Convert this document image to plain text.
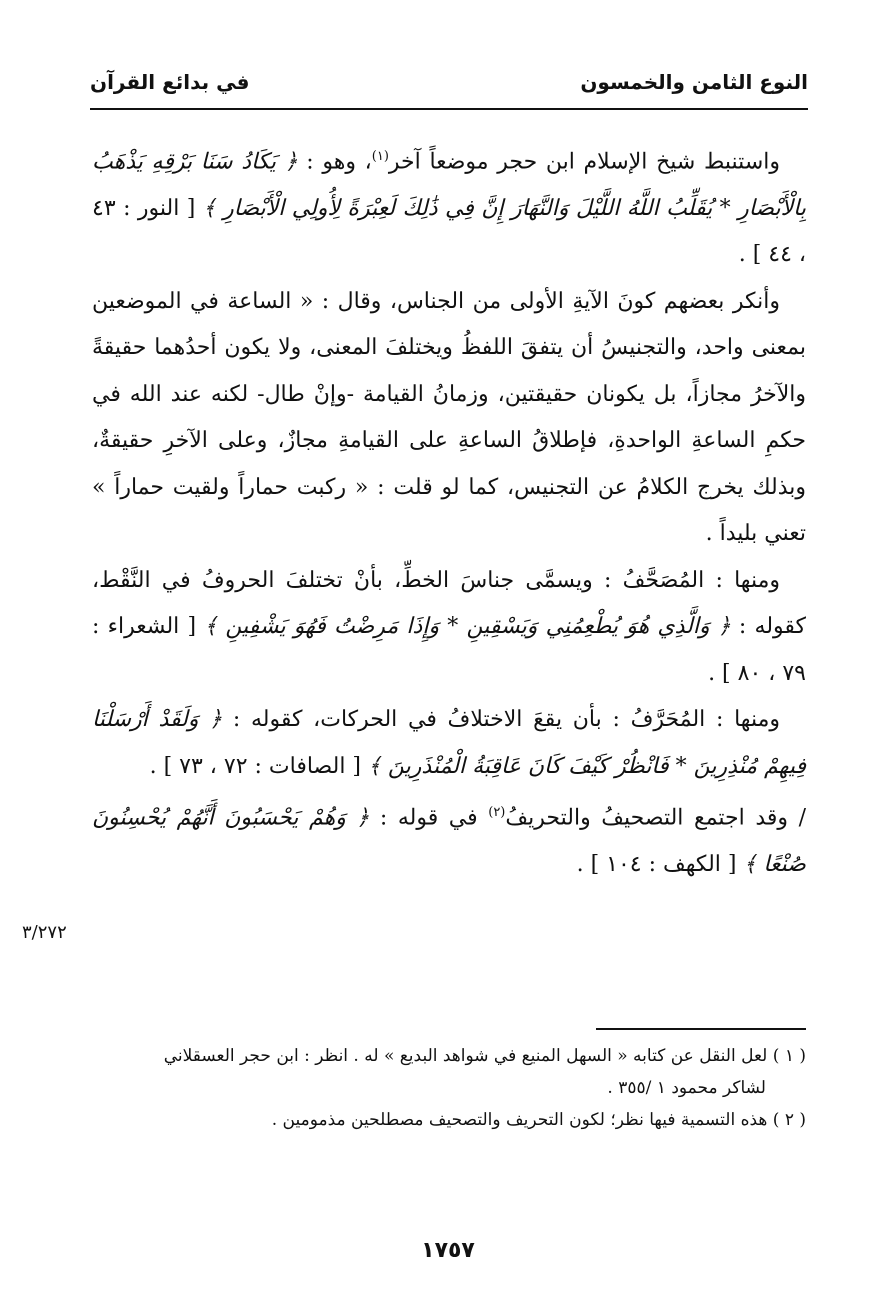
النوع الثامن والخمسون
في بدائع القرآن

واستنبط شيخ الإسلام ابن حجر موضعاً آخر$^{(١)}$، وهو : ﴿ يَكَادُ سَنَا بَرْقِهِ يَذْهَبُ بِالْأَبْصَارِ * يُقَلِّبُ اللَّهُ اللَّيْلَ وَالنَّهَارَ إِنَّ فِي ذَٰلِكَ لَعِبْرَةً لِأُولِي الْأَبْصَارِ ﴾ [ النور : ٤٣ ، ٤٤ ] .

وأنكر بعضهم كونَ الآيةِ الأولى من الجناس، وقال : « الساعة في الموضعين بمعنى واحد، والتجنيسُ أن يتفقَ اللفظُ ويختلفَ المعنى، ولا يكون أحدُهما حقيقةً والآخرُ مجازاً، بل يكونان حقيقتين، وزمانُ القيامة -وإنْ طال- لكنه عند الله في حكمِ الساعةِ الواحدةِ، فإطلاقُ الساعةِ على القيامةِ مجازٌ، وعلى الآخرِ حقيقةٌ، وبذلك يخرج الكلامُ عن التجنيس، كما لو قلت : « ركبت حماراً ولقيت حماراً » تعني بليداً .

ومنها : المُصَحَّفُ : ويسمَّى جناسَ الخطِّ، بأنْ تختلفَ الحروفُ في النَّقْط، كقوله : ﴿ وَالَّذِي هُوَ يُطْعِمُنِي وَيَسْقِينِ * وَإِذَا مَرِضْتُ فَهُوَ يَشْفِينِ ﴾ [ الشعراء : ٧٩ ، ٨٠ ] .

ومنها : المُحَرَّفُ : بأن يقعَ الاختلافُ في الحركات، كقوله : ﴿ وَلَقَدْ أَرْسَلْنَا فِيهِمْ مُنْذِرِينَ * فَانْظُرْ كَيْفَ كَانَ عَاقِبَةُ الْمُنْذَرِينَ ﴾ [ الصافات : ٧٢ ، ٧٣ ] .

/ وقد اجتمع التصحيفُ والتحريفُ$^{(٢)}$ في قوله : ﴿ وَهُمْ يَحْسَبُونَ أَنَّهُمْ يُحْسِنُونَ صُنْعًا ﴾ [ الكهف : ١٠٤ ] .

٣/٢٧٢

( ١ ) لعل النقل عن كتابه « السهل المنيع في شواهد البديع » له . انظر : ابن حجر العسقلاني

لشاكر محمود ١ /٣٥٥ .

( ٢ ) هذه التسمية فيها نظر؛ لكون التحريف والتصحيف مصطلحين مذمومين .

١٧٥٧
